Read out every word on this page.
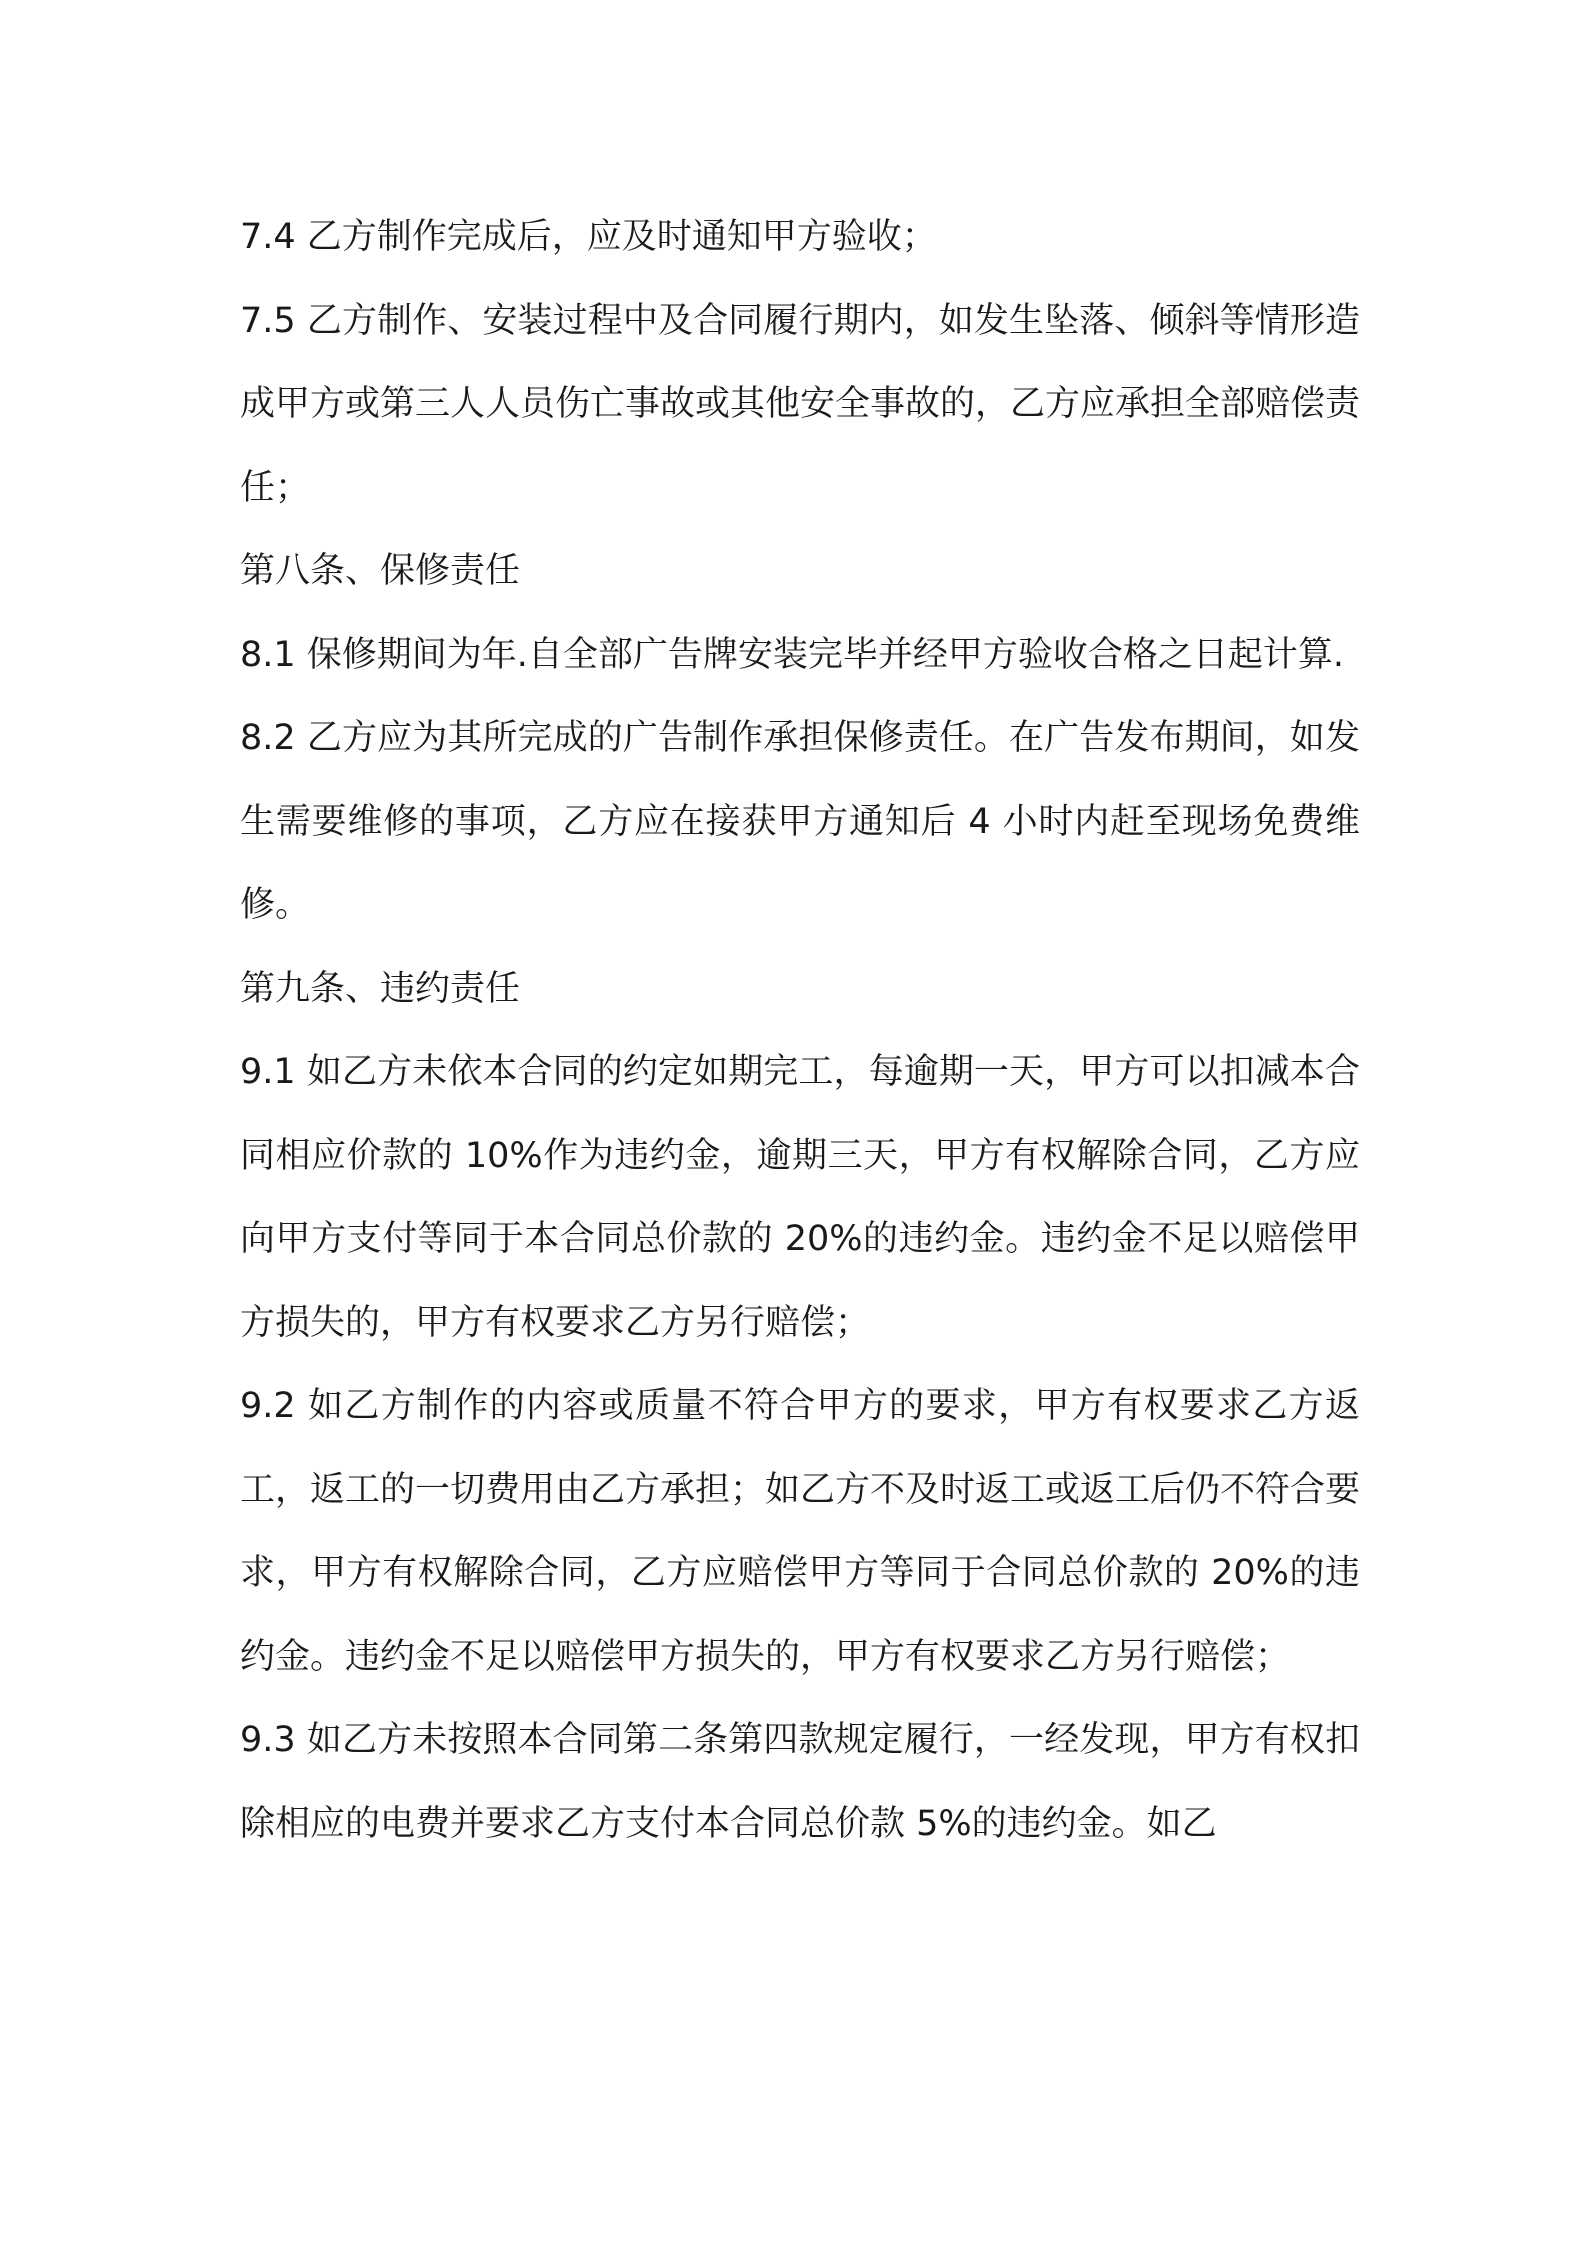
7.4 乙方制作完成后，应及时通知甲方验收；

7.5 乙方制作、安装过程中及合同履行期内，如发生坠落、倾斜等情形造成甲方或第三人人员伤亡事故或其他安全事故的，乙方应承担全部赔偿责任；

第八条、保修责任

8.1 保修期间为年.自全部广告牌安装完毕并经甲方验收合格之日起计算.

8.2 乙方应为其所完成的广告制作承担保修责任。在广告发布期间，如发生需要维修的事项，乙方应在接获甲方通知后 4 小时内赶至现场免费维修。

第九条、违约责任

9.1 如乙方未依本合同的约定如期完工，每逾期一天，甲方可以扣减本合同相应价款的 10%作为违约金，逾期三天，甲方有权解除合同，乙方应向甲方支付等同于本合同总价款的 20%的违约金。违约金不足以赔偿甲方损失的，甲方有权要求乙方另行赔偿；

9.2 如乙方制作的内容或质量不符合甲方的要求，甲方有权要求乙方返工，返工的一切费用由乙方承担；如乙方不及时返工或返工后仍不符合要求，甲方有权解除合同，乙方应赔偿甲方等同于合同总价款的 20%的违约金。违约金不足以赔偿甲方损失的，甲方有权要求乙方另行赔偿；

9.3 如乙方未按照本合同第二条第四款规定履行，一经发现，甲方有权扣除相应的电费并要求乙方支付本合同总价款 5%的违约金。如乙
